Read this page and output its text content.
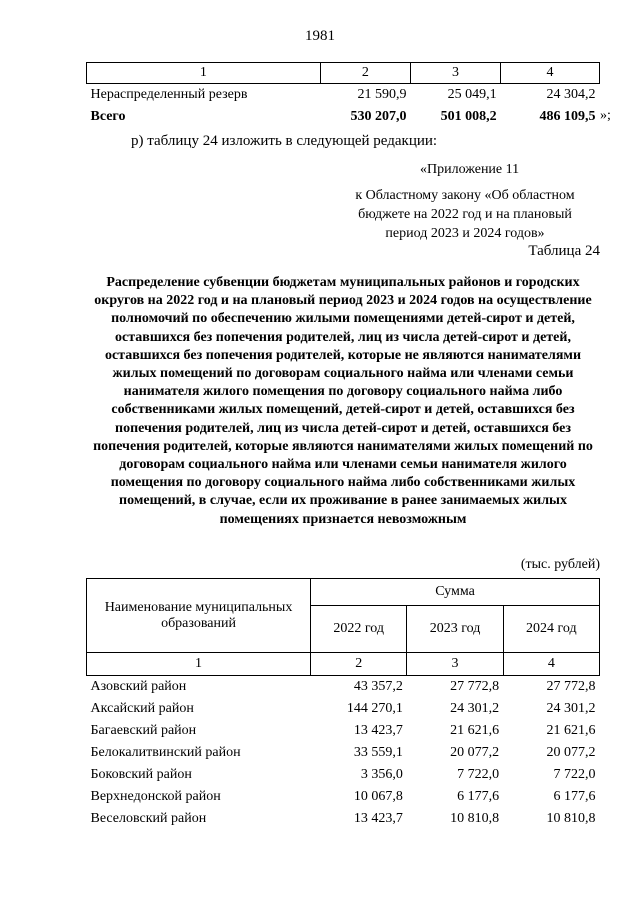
1981
1	2	3	4
Нераспределенный резерв	21 590,9	25 049,1	24 304,2
Всего	530 207,0	501 008,2	486 109,5 »;
р) таблицу 24 изложить в следующей редакции:
«Приложение 11
к Областному закону «Об областном
бюджете на 2022 год и на плановый
период 2023 и 2024 годов»
Таблица 24
Распределение субвенции бюджетам муниципальных районов и городских округов на 2022 год и на плановый период 2023 и 2024 годов на осуществление полномочий по обеспечению жилыми помещениями детей-сирот и детей, оставшихся без попечения родителей, лиц из числа детей-сирот и детей, оставшихся без попечения родителей, которые не являются нанимателями жилых помещений по договорам социального найма или членами семьи нанимателя жилого помещения по договору социального найма либо собственниками жилых помещений, детей-сирот и детей, оставшихся без попечения родителей, лиц из числа детей-сирот и детей, оставшихся без попечения родителей, которые являются нанимателями жилых помещений по договорам социального найма или членами семьи нанимателя жилого помещения по договору социального найма либо собственниками жилых помещений, в случае, если их проживание в ранее занимаемых жилых помещениях признается невозможным
(тыс. рублей)
Наименование муниципальных образований	Сумма		
	2022 год	2023 год	2024 год
1	2	3	4
Азовский район	43 357,2	27 772,8	27 772,8
Аксайский район	144 270,1	24 301,2	24 301,2
Багаевский район	13 423,7	21 621,6	21 621,6
Белокалитвинский район	33 559,1	20 077,2	20 077,2
Боковский район	3 356,0	7 722,0	7 722,0
Верхнедонской район	10 067,8	6 177,6	6 177,6
Веселовский район	13 423,7	10 810,8	10 810,8
